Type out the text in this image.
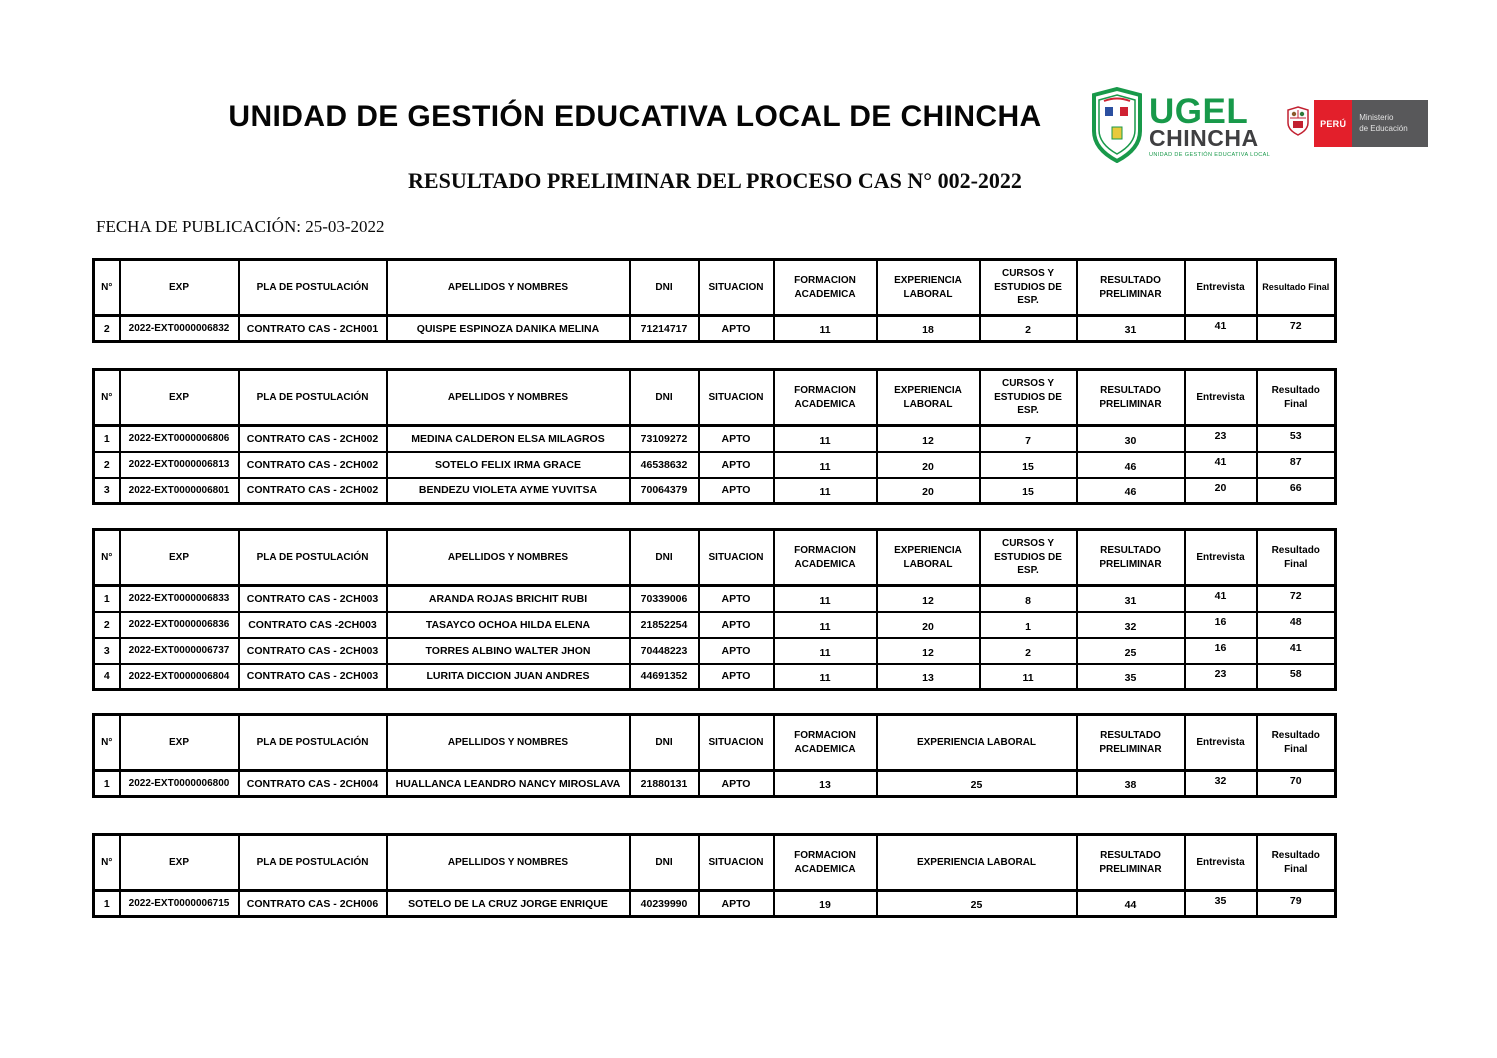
UNIDAD DE GESTIÓN EDUCATIVA LOCAL DE CHINCHA	UGEL
CHINCHA
UNIDAD DE GESTIÓN EDUCATIVA LOCAL
PERÚ
Ministerio
de Educación
RESULTADO PRELIMINAR DEL PROCESO CAS N° 002-2022
FECHA DE PUBLICACIÓN: 25-03-2022
N°	EXP	PLA DE POSTULACIÓN	APELLIDOS Y NOMBRES	DNI	SITUACION	FORMACION ACADEMICA	EXPERIENCIA LABORAL	CURSOS Y ESTUDIOS DE ESP.	RESULTADO PRELIMINAR	Entrevista	Resultado Final
2	2022-EXT0000006832	CONTRATO CAS - 2CH001	QUISPE ESPINOZA DANIKA MELINA	71214717	APTO	11	18	2	31	41	72
N°	EXP	PLA DE POSTULACIÓN	APELLIDOS Y NOMBRES	DNI	SITUACION	FORMACION ACADEMICA	EXPERIENCIA LABORAL	CURSOS Y ESTUDIOS DE ESP.	RESULTADO PRELIMINAR	Entrevista	Resultado Final
1	2022-EXT0000006806	CONTRATO CAS - 2CH002	MEDINA CALDERON ELSA MILAGROS	73109272	APTO	11	12	7	30	23	53
2	2022-EXT0000006813	CONTRATO CAS - 2CH002	SOTELO FELIX IRMA GRACE	46538632	APTO	11	20	15	46	41	87
3	2022-EXT0000006801	CONTRATO CAS - 2CH002	BENDEZU VIOLETA AYME YUVITSA	70064379	APTO	11	20	15	46	20	66
N°	EXP	PLA DE POSTULACIÓN	APELLIDOS Y NOMBRES	DNI	SITUACION	FORMACION ACADEMICA	EXPERIENCIA LABORAL	CURSOS Y ESTUDIOS DE ESP.	RESULTADO PRELIMINAR	Entrevista	Resultado Final
1	2022-EXT0000006833	CONTRATO CAS - 2CH003	ARANDA ROJAS BRICHIT RUBI	70339006	APTO	11	12	8	31	41	72
2	2022-EXT0000006836	CONTRATO CAS -2CH003	TASAYCO OCHOA HILDA ELENA	21852254	APTO	11	20	1	32	16	48
3	2022-EXT0000006737	CONTRATO CAS - 2CH003	TORRES ALBINO WALTER JHON	70448223	APTO	11	12	2	25	16	41
4	2022-EXT0000006804	CONTRATO CAS - 2CH003	LURITA DICCION JUAN ANDRES	44691352	APTO	11	13	11	35	23	58
N°	EXP	PLA DE POSTULACIÓN	APELLIDOS Y NOMBRES	DNI	SITUACION	FORMACION ACADEMICA	EXPERIENCIA LABORAL	RESULTADO PRELIMINAR	Entrevista	Resultado Final
1	2022-EXT0000006800	CONTRATO CAS - 2CH004	HUALLANCA LEANDRO NANCY MIROSLAVA	21880131	APTO	13	25	38	32	70
N°	EXP	PLA DE POSTULACIÓN	APELLIDOS Y NOMBRES	DNI	SITUACION	FORMACION ACADEMICA	EXPERIENCIA LABORAL	RESULTADO PRELIMINAR	Entrevista	Resultado Final
1	2022-EXT0000006715	CONTRATO CAS - 2CH006	SOTELO DE LA CRUZ JORGE ENRIQUE	40239990	APTO	19	25	44	35	79
